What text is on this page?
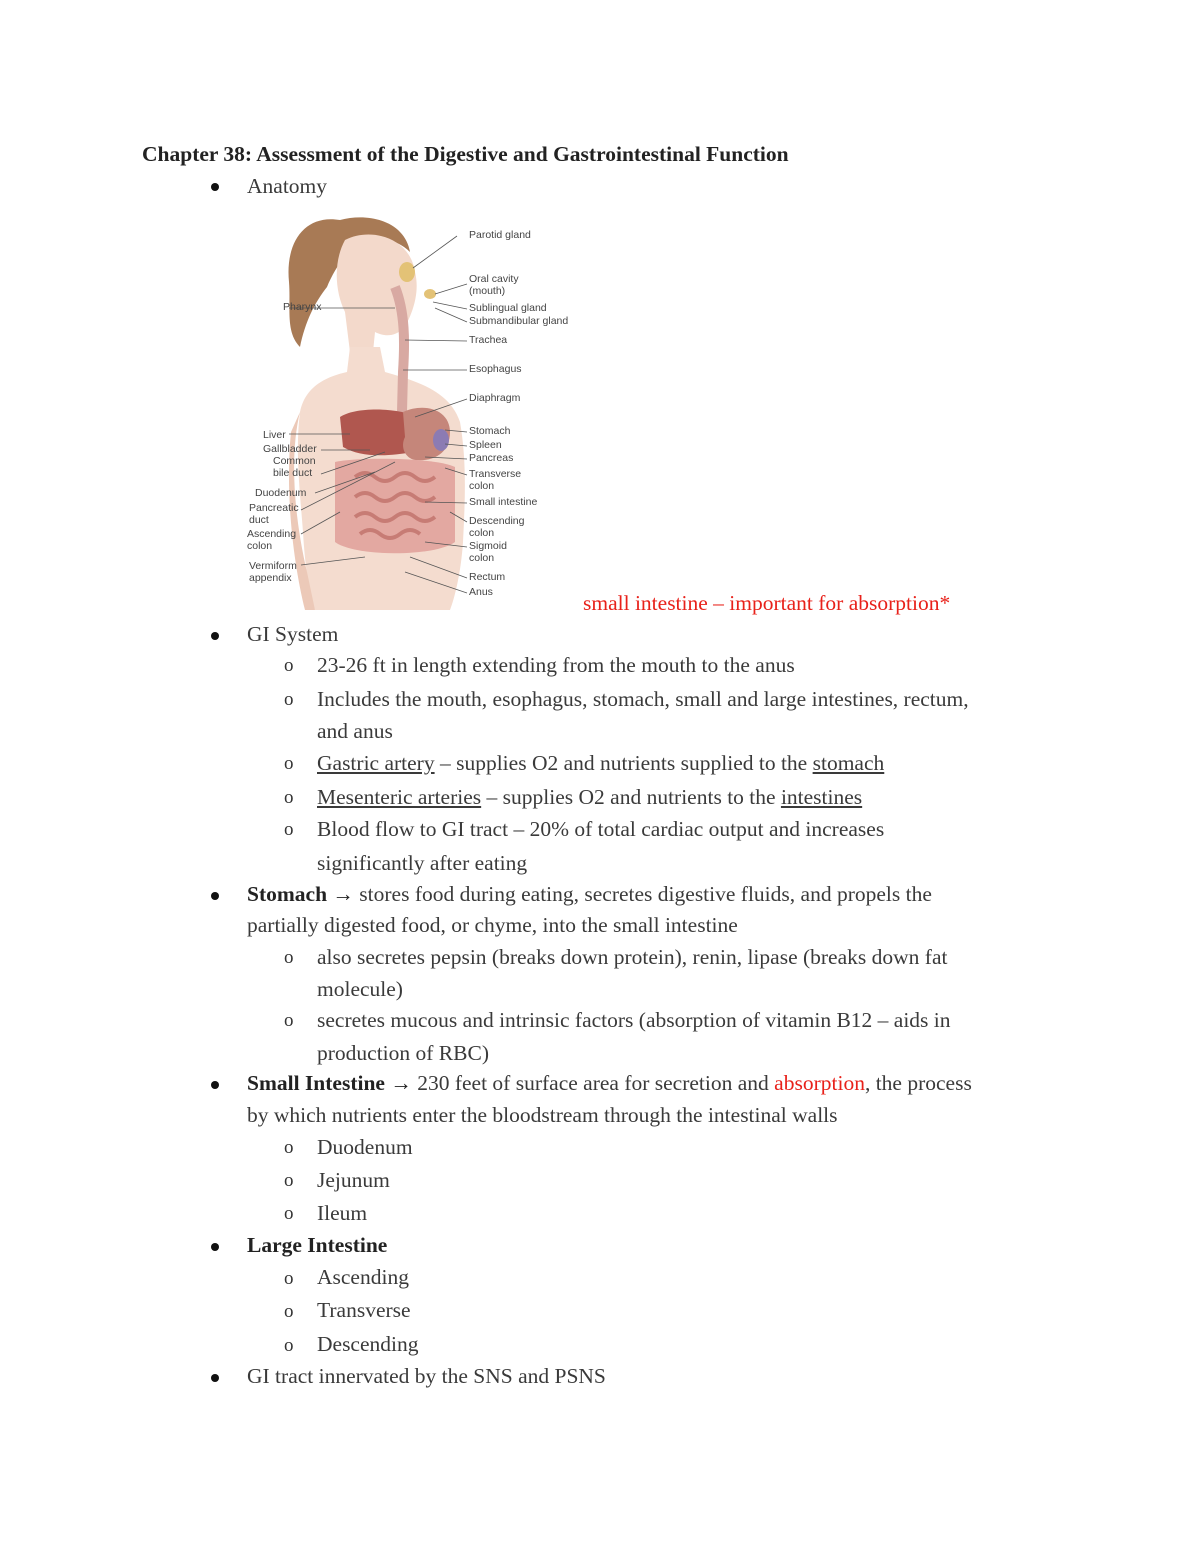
Chapter 38: Assessment of the Digestive and Gastrointestinal Function
Anatomy
Parotid gland
Oral cavity
(mouth)
Sublingual gland
Submandibular gland
Trachea
Esophagus
Diaphragm
Stomach
Spleen
Pancreas
Transverse
colon
Small intestine
Descending
colon
Sigmoid
colon
Rectum
Anus
Pharynx
Liver
Gallbladder
Common
bile duct
Duodenum
Pancreatic
duct
Ascending
colon
Vermiform
appendix
small intestine – important for absorption*
GI System
o 23-26 ft in length extending from the mouth to the anus
o Includes the mouth, esophagus, stomach, small and large intestines, rectum,
and anus
o Gastric artery – supplies O2 and nutrients supplied to the stomach
o Mesenteric arteries – supplies O2 and nutrients to the intestines
o Blood flow to GI tract – 20% of total cardiac output and increases
significantly after eating
Stomach → stores food during eating, secretes digestive fluids, and propels the
partially digested food, or chyme, into the small intestine
o also secretes pepsin (breaks down protein), renin, lipase (breaks down fat
molecule)
o secretes mucous and intrinsic factors (absorption of vitamin B12 – aids in
production of RBC)
Small Intestine → 230 feet of surface area for secretion and absorption, the process
by which nutrients enter the bloodstream through the intestinal walls
o Duodenum
o Jejunum
o Ileum
Large Intestine
o Ascending
o Transverse
o Descending
GI tract innervated by the SNS and PSNS
